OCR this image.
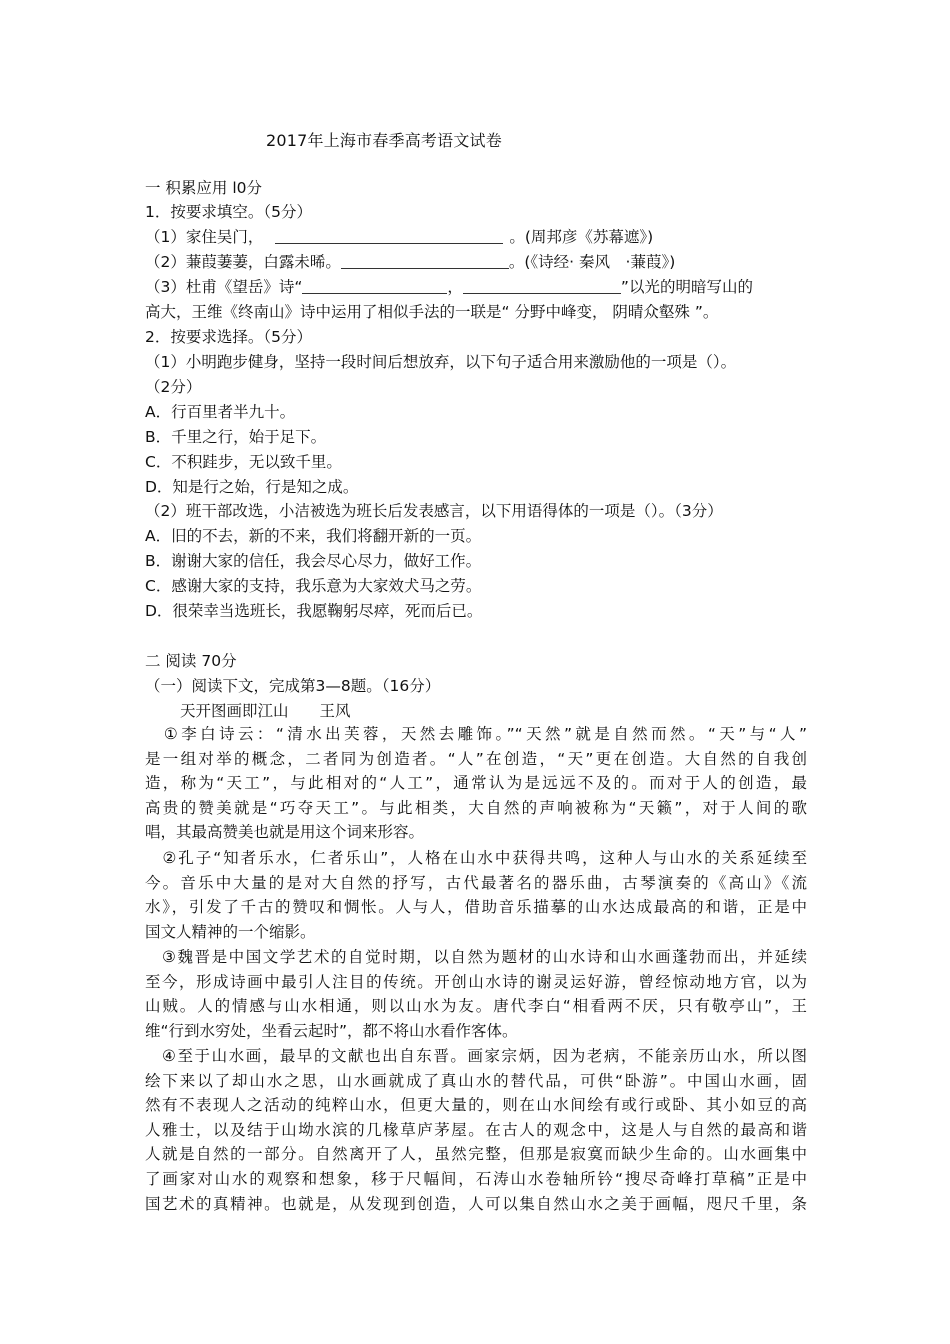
2017年上海市春季高考语文试卷
一 积累应用 l0分
1．按要求填空。（5分）
（1）家住吴门，	。(周邦彦《苏幕遮》)
（2）蒹葭萋萋，白露未晞。	。(《诗经· 秦风　·蒹葭》)
（3）杜甫《望岳》诗“	，	”以光的明暗写山的
高大，王维《终南山》诗中运用了相似手法的一联是“ 分野中峰变， 阴晴众壑殊 ”。
2．按要求选择。（5分）
（1）小明跑步健身，坚持一段时间后想放弃，以下句子适合用来激励他的一项是（）。
（2分）
A．行百里者半九十。
B．千里之行，始于足下。
C．不积跬步，无以致千里。
D．知是行之始，行是知之成。
（2）班干部改选，小洁被选为班长后发表感言，以下用语得体的一项是（）。（3分）
A．旧的不去，新的不来，我们将翻开新的一页。
B．谢谢大家的信任，我会尽心尽力，做好工作。
C．感谢大家的支持，我乐意为大家效犬马之劳。
D．很荣幸当选班长，我愿鞠躬尽瘁，死而后已。
二 阅读 70分
（一）阅读下文，完成第3—8题。（16分）
天开图画即江山　　王风
　①李白诗云：“清水出芙蓉，天然去雕饰。”“天然”就是自然而然。“天”与“人”
是一组对举的概念，二者同为创造者。“人”在创造，“天”更在创造。大自然的自我创
造，称为“天工”，与此相对的“人工”，通常认为是远远不及的。而对于人的创造，最
高贵的赞美就是“巧夺天工”。与此相类，大自然的声响被称为“天籁”，对于人间的歌
唱，其最高赞美也就是用这个词来形容。
　②孔子“知者乐水，仁者乐山”，人格在山水中获得共鸣，这种人与山水的关系延续至
今。音乐中大量的是对大自然的抒写，古代最著名的器乐曲，古琴演奏的《高山》《流
水》，引发了千古的赞叹和惆怅。人与人，借助音乐描摹的山水达成最高的和谐，正是中
国文人精神的一个缩影。
　③魏晋是中国文学艺术的自觉时期，以自然为题材的山水诗和山水画蓬勃而出，并延续
至今，形成诗画中最引人注目的传统。开创山水诗的谢灵运好游，曾经惊动地方官，以为
山贼。人的情感与山水相通，则以山水为友。唐代李白“相看两不厌，只有敬亭山”，王
维“行到水穷处，坐看云起时”，都不将山水看作客体。
　④至于山水画，最早的文献也出自东晋。画家宗炳，因为老病，不能亲历山水，所以图
绘下来以了却山水之思，山水画就成了真山水的替代品，可供“卧游”。中国山水画，固
然有不表现人之活动的纯粹山水，但更大量的，则在山水间绘有或行或卧、其小如豆的高
人雅士，以及结于山坳水滨的几椽草庐茅屋。在古人的观念中，这是人与自然的最高和谐
人就是自然的一部分。自然离开了人，虽然完整，但那是寂寞而缺少生命的。山水画集中
了画家对山水的观察和想象，移于尺幅间，石涛山水卷轴所钤“搜尽奇峰打草稿”正是中
国艺术的真精神。也就是，从发现到创造，人可以集自然山水之美于画幅，咫尺千里，条
